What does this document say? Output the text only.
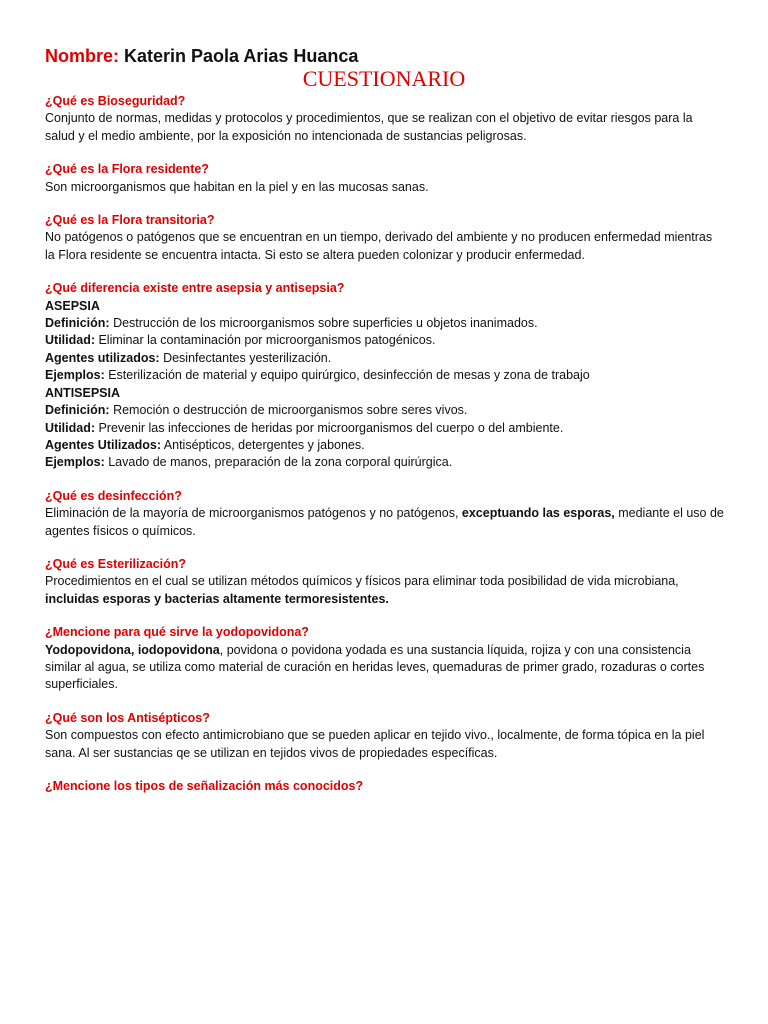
Nombre: Katerin Paola Arias Huanca
CUESTIONARIO

¿Qué es Bioseguridad?

Conjunto de normas, medidas y protocolos y procedimientos, que se realizan con el objetivo de evitar riesgos para la salud y el medio ambiente, por la exposición no intencionada de sustancias peligrosas.

¿Qué es la Flora residente?

Son microorganismos que habitan en la piel y en las mucosas sanas.

¿Qué es la Flora transitoria?

No patógenos o patógenos que se encuentran en un tiempo, derivado del ambiente y no producen enfermedad mientras la Flora residente se encuentra intacta. Si esto se altera pueden colonizar y producir enfermedad.

¿Qué diferencia existe entre asepsia y antisepsia?

ASEPSIA

Definición: Destrucción de los microorganismos sobre superficies u objetos inanimados.

Utilidad: Eliminar la contaminación por microorganismos patogénicos.

Agentes utilizados: Desinfectantes yesterilización.

Ejemplos: Esterilización de material y equipo quirúrgico, desinfección de mesas y zona de trabajo

ANTISEPSIA

Definición: Remoción o destrucción de microorganismos sobre seres vivos.

Utilidad: Prevenir las infecciones de heridas por microorganismos del cuerpo o del ambiente.

Agentes Utilizados: Antisépticos, detergentes y jabones.

Ejemplos: Lavado de manos, preparación de la zona corporal quirúrgica.

¿Qué es desinfección?

Eliminación de la mayoría de microorganismos patógenos y no patógenos, exceptuando las esporas, mediante el uso de agentes físicos o químicos.

¿Qué es Esterilización?

Procedimientos en el cual se utilizan métodos químicos y físicos para eliminar toda posibilidad de vida microbiana, incluidas esporas y bacterias altamente termoresistentes.

¿Mencione para qué sirve la yodopovidona?

Yodopovidona, iodopovidona, povidona o povidona yodada es una sustancia líquida, rojiza y con una consistencia similar al agua, se utiliza como material de curación en heridas leves, quemaduras de primer grado, rozaduras o cortes superficiales.

¿Qué son los Antisépticos?

Son compuestos con efecto antimicrobiano que se pueden aplicar en tejido vivo., localmente, de forma tópica en la piel sana. Al ser sustancias qe se utilizan en tejidos vivos de propiedades específicas.

¿Mencione los tipos de señalización más conocidos?
